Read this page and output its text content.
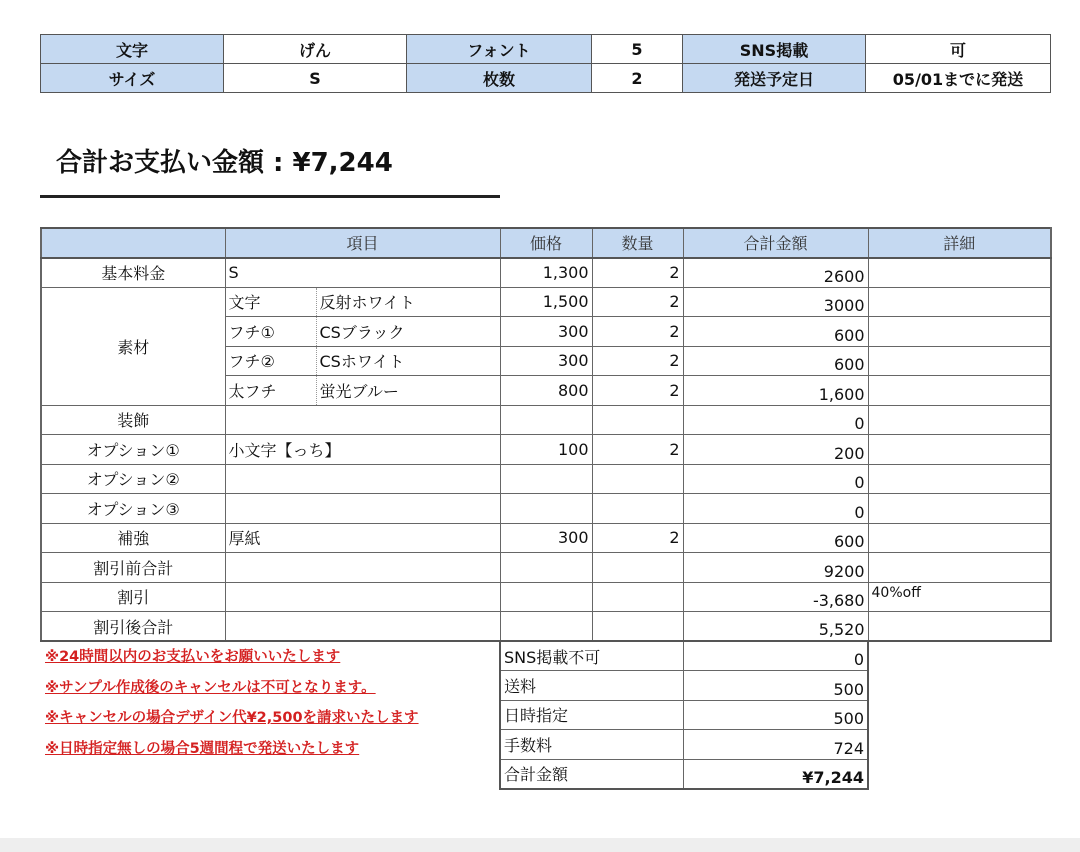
文字	げん	フォント	5	SNS掲載	可
サイズ	S	枚数	2	発送予定日	05/01までに発送
合計お支払い金額 : ¥7,244
	項目		価格	数量	合計金額	詳細
基本料金	S		1,300	2	2600	
素材	文字	反射ホワイト	1,500	2	3000	
	フチ①	CSブラック	300	2	600	
	フチ②	CSホワイト	300	2	600	
	太フチ	蛍光ブルー	800	2	1,600	
装飾					0	
オプション①	小文字【っち】		100	2	200	
オプション②					0	
オプション③					0	
補強	厚紙		300	2	600	
割引前合計					9200	
割引					-3,680	40%off
割引後合計					5,520	

※24時間以内のお支払いをお願いいたします
※サンプル作成後のキャンセルは不可となります。
※キャンセルの場合デザイン代¥2,500を請求いたします
※日時指定無しの場合5週間程で発送いたします			SNS掲載不可		0	
			送料		500	
			日時指定		500	
			手数料		724	
			合計金額		¥7,244	
